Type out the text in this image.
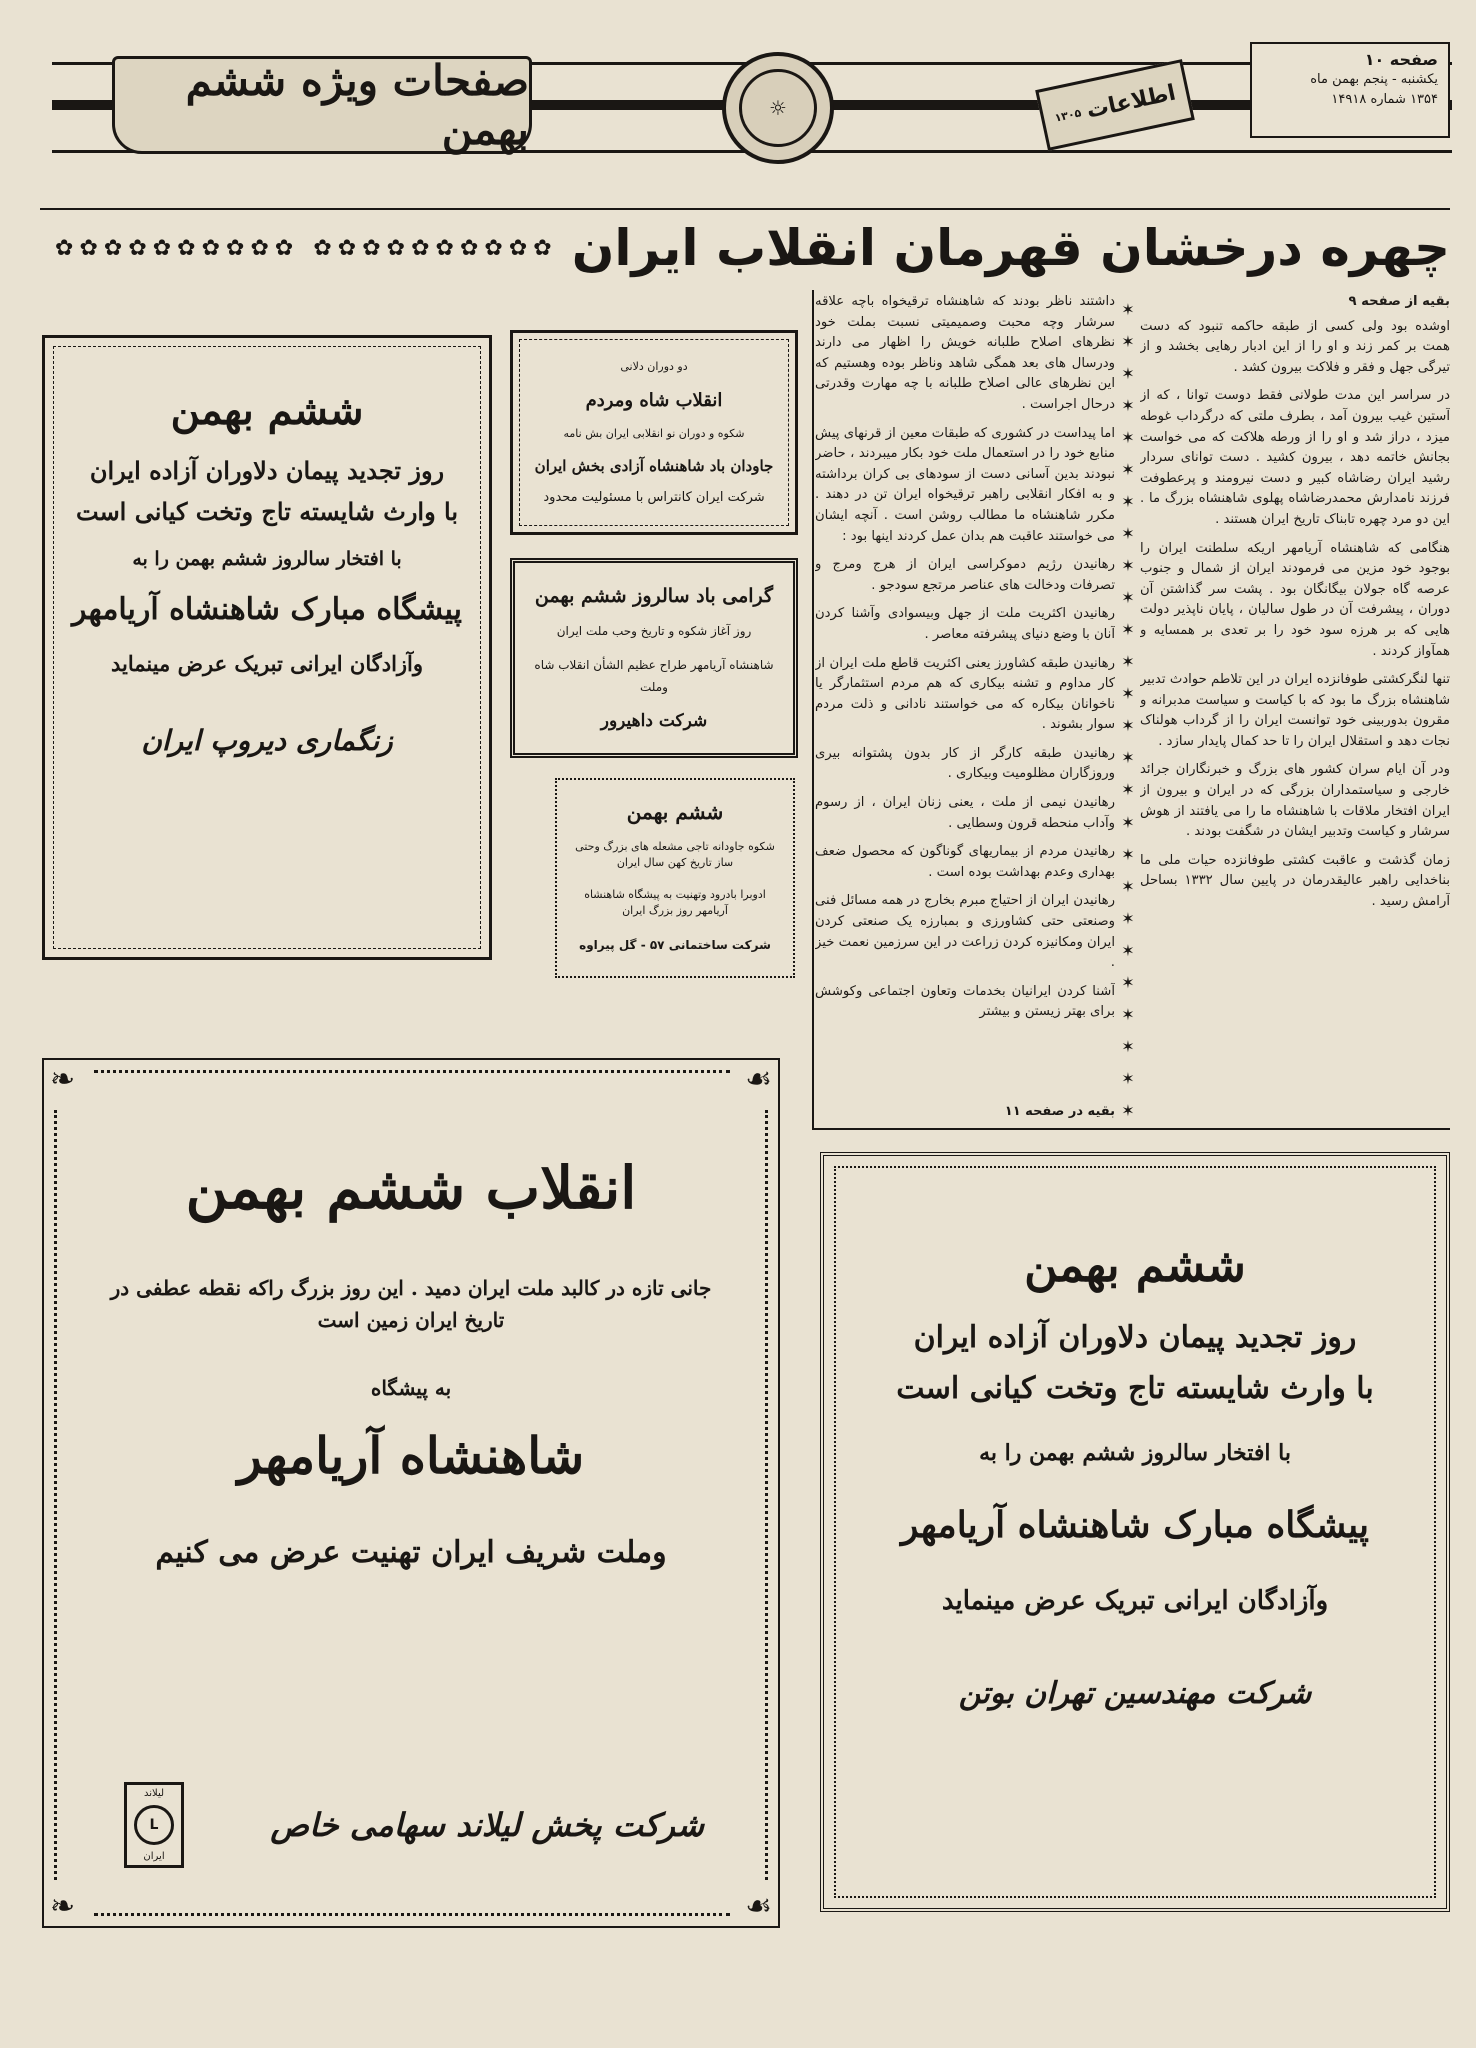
صفحه ۱۰
یکشنبه - پنجم بهمن ماه
۱۳۵۴ شماره ۱۴۹۱۸
اطلاعات
۱۳۰۵
☼
صفحات ویژه ششم بهمن
چهره درخشان قهرمان انقلاب ایران
✿✿✿✿✿✿✿✿✿✿
✿✿✿✿✿✿✿✿✿✿
بقیه از صفحه ۹

اوشده بود ولی کسی از طبقه حاکمه تنبود که دست همت بر کمر زند و او را از این ادبار رهایی بخشد و از تیرگی جهل و فقر و فلاکت بیرون کشد .

در سراسر این مدت طولانی فقط دوست توانا ، که از آستین غیب بیرون آمد ، بطرف ملتی که درگرداب غوطه میزد ، دراز شد و او را از ورطه هلاکت که می خواست بجانش خاتمه دهد ، بیرون کشید . دست توانای سردار رشید ایران رضاشاه کبیر و دست نیرومند و پرعطوفت فرزند نامدارش محمدرضاشاه پهلوی شاهنشاه بزرگ ما . این دو مرد چهره تابناک تاریخ ایران هستند .

هنگامی که شاهنشاه آریامهر اریکه سلطنت ایران را بوجود خود مزین می فرمودند ایران از شمال و جنوب عرصه گاه جولان بیگانگان بود . پشت سر گذاشتن آن دوران ، پیشرفت آن در طول سالیان ، پایان ناپذیر دولت هایی که بر هرزه سود خود را بر تعدی بر همسایه و همآواز کردند .

تنها لنگرکشتی طوفانزده ایران در این تلاطم حوادث تدبیر شاهنشاه بزرگ ما بود که با کیاست و سیاست مدبرانه و مقرون بدوربینی خود توانست ایران را از گرداب هولناک نجات دهد و استقلال ایران را تا حد کمال پایدار سازد .

ودر آن ایام سران کشور های بزرگ و خبرنگاران جرائد خارجی و سیاستمداران بزرگی که در ایران و بیرون از ایران افتخار ملاقات با شاهنشاه ما را می یافتند از هوش سرشار و کیاست وتدبیر ایشان در شگفت بودند .

زمان گذشت و عاقبت کشتی طوفانزده حیات ملی ما بناخدایی راهبر عالیقدرمان در پایین سال ۱۳۳۲ بساحل آرامش رسید .

✶
✶
✶
✶
✶
✶
✶
✶
✶
✶
✶
✶
✶
✶
✶
✶
✶
✶
✶
✶
✶
✶
✶
✶
✶
✶

داشتند ناظر بودند که شاهنشاه ترقیخواه باچه علاقه سرشار وچه محبت وصمیمیتی نسبت بملت خود نظرهای اصلاح طلبانه خویش را اظهار می دارند ودرسال های بعد همگی شاهد وناظر بوده وهستیم که این نظرهای عالی اصلاح طلبانه با چه مهارت وقدرتی درحال اجراست .

اما پیداست در کشوری که طبقات معین از قرنهای پیش منابع خود را در استعمال ملت خود بکار میبردند ، حاضر نبودند بدین آسانی دست از سودهای بی کران برداشته و به افکار انقلابی راهبر ترقیخواه ایران تن در دهند . مکرر شاهنشاه ما مطالب روشن است . آنچه ایشان می خواستند عاقبت هم بدان عمل کردند اینها بود :

رهانیدن رژیم دموکراسی ایران از هرج ومرج و تصرفات ودخالت های عناصر مرتجع سودجو .

رهانیدن اکثریت ملت از جهل وبیسوادی وآشنا کردن آنان با وضع دنیای پیشرفته معاصر .

رهانیدن طبقه کشاورز یعنی اکثریت قاطع ملت ایران از کار مداوم و تشنه بیکاری که هم مردم استثمارگر یا ناخوانان بیکاره که می خواستند نادانی و ذلت مردم سوار بشوند .

رهانیدن طبقه کارگر از کار بدون پشتوانه بیری وروزگاران مظلومیت وبیکاری .

رهانیدن نیمی از ملت ، یعنی زنان ایران ، از رسوم وآداب منحطه قرون وسطایی .

رهانیدن مردم از بیماریهای گوناگون که محصول ضعف بهداری وعدم بهداشت بوده است .

رهانیدن ایران از احتیاج مبرم بخارج در همه مسائل فنی وصنعتی حتی کشاورزی و بمبارزه یک صنعتی کردن ایران ومکانیزه کردن زراعت در این سرزمین نعمت خیز .

آشنا کردن ایرانیان بخدمات وتعاون اجتماعی وکوشش برای بهتر زیستن و بیشتر

بقیه در صفحه ۱۱
ششم بهمن
روز تجدید پیمان دلاوران آزاده ایران
با وارث شایسته تاج وتخت کیانی است
با افتخار سالروز ششم بهمن را به
پیشگاه مبارک شاهنشاه آریامهر
وآزادگان ایرانی تبریک عرض مینماید
زنگماری دیروپ ایران
دو دوران دلانی
انقلاب شاه ومردم
شکوه و دوران نو انقلابی ایران بش نامه
جاودان باد شاهنشاه آزادی بخش ایران
شرکت ایران کانتراس با مسئولیت محدود
گرامی باد سالروز ششم بهمن
روز آغاز شکوه و تاریخ وحب ملت ایران
شاهنشاه آریامهر طراح عظیم الشأن انقلاب شاه وملت
شرکت داهیرور
ششم بهمن
شکوه جاودانه تاجی مشعله های بزرگ وحتی ساز تاریخ کهن سال ایران
ادوبرا بادرود وتهنیت به پیشگاه شاهنشاه آریامهر روز بزرگ ایران
شرکت ساختمانی ۵۷ - گل پیراوه
❧	☙
❧	☙
انقلاب ششم بهمن
جانی تازه در کالبد ملت ایران دمید . این روز بزرگ راکه نقطه عطفی در تاریخ ایران زمین است
به پیشگاه
شاهنشاه آریامهر
وملت شریف ایران تهنیت عرض می کنیم
شرکت پخش لیلاند سهامی خاص
لیلاند
L
ایران
ششم بهمن
روز تجدید پیمان دلاوران آزاده ایران
با وارث شایسته تاج وتخت کیانی است
با افتخار سالروز ششم بهمن را به
پیشگاه مبارک شاهنشاه آریامهر
وآزادگان ایرانی تبریک عرض مینماید
شرکت مهندسین تهران بوتن
